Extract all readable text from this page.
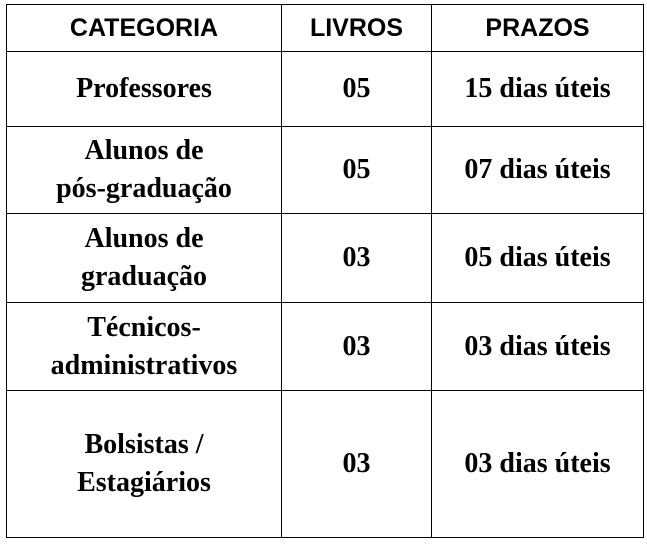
CATEGORIA	LIVROS	PRAZOS

Professores	05	15 dias úteis

Alunos de
pós-graduação	05	07 dias úteis

Alunos de
graduação	03	05 dias úteis

Técnicos-
administrativos	03	03 dias úteis

Bolsistas /
Estagiários	03	03 dias úteis
